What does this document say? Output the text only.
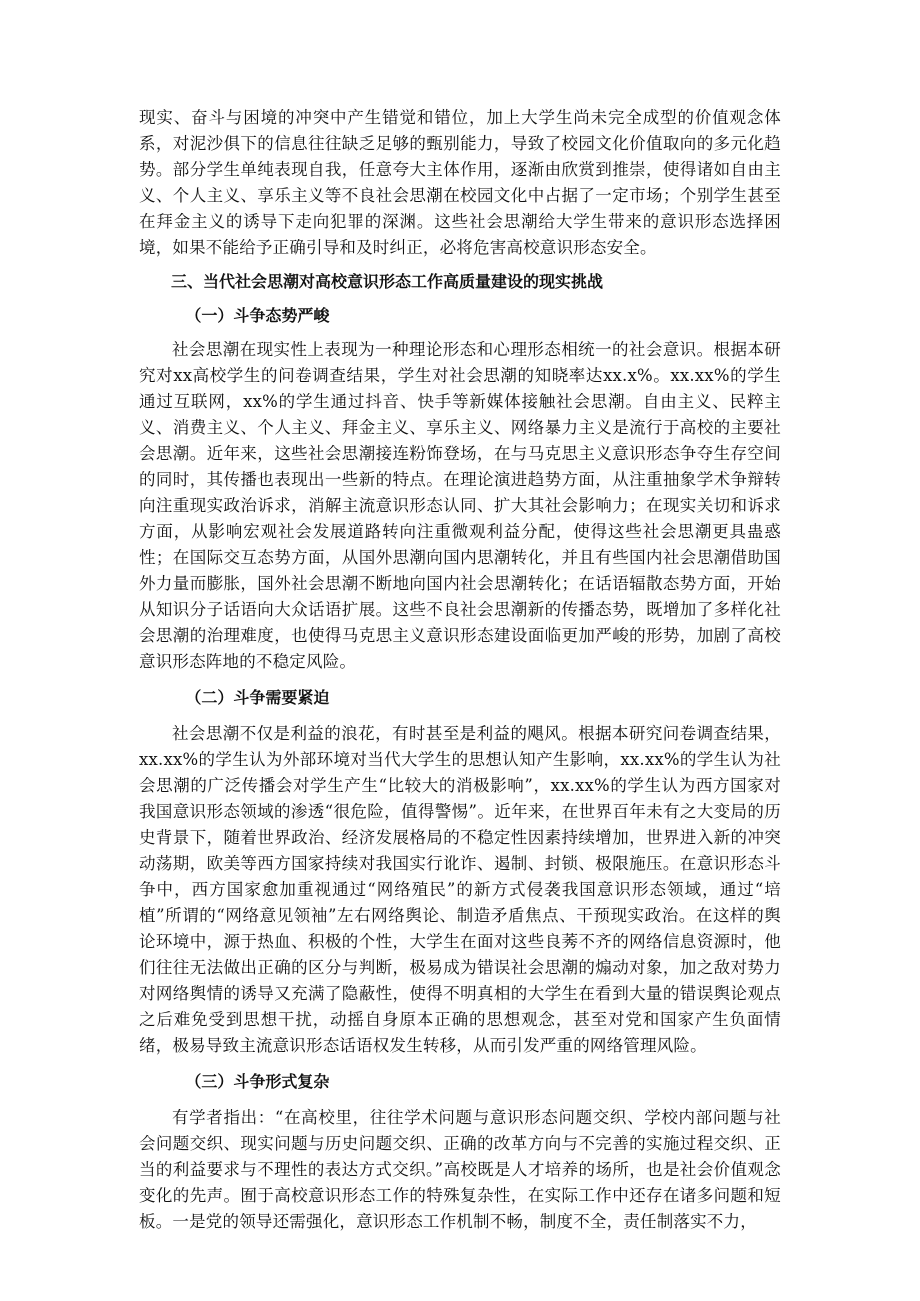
现实、奋斗与困境的冲突中产生错觉和错位，加上大学生尚未完全成型的价值观念体系，对泥沙俱下的信息往往缺乏足够的甄别能力，导致了校园文化价值取向的多元化趋势。部分学生单纯表现自我，任意夸大主体作用，逐渐由欣赏到推崇，使得诸如自由主义、个人主义、享乐主义等不良社会思潮在校园文化中占据了一定市场；个别学生甚至在拜金主义的诱导下走向犯罪的深渊。这些社会思潮给大学生带来的意识形态选择困境，如果不能给予正确引导和及时纠正，必将危害高校意识形态安全。

三、当代社会思潮对高校意识形态工作高质量建设的现实挑战
（一）斗争态势严峻

社会思潮在现实性上表现为一种理论形态和心理形态相统一的社会意识。根据本研究对xx高校学生的问卷调查结果，学生对社会思潮的知晓率达xx.x%。xx.xx%的学生通过互联网，xx%的学生通过抖音、快手等新媒体接触社会思潮。自由主义、民粹主义、消费主义、个人主义、拜金主义、享乐主义、网络暴力主义是流行于高校的主要社会思潮。近年来，这些社会思潮接连粉饰登场，在与马克思主义意识形态争夺生存空间的同时，其传播也表现出一些新的特点。在理论演进趋势方面，从注重抽象学术争辩转向注重现实政治诉求，消解主流意识形态认同、扩大其社会影响力；在现实关切和诉求方面，从影响宏观社会发展道路转向注重微观利益分配，使得这些社会思潮更具蛊惑性；在国际交互态势方面，从国外思潮向国内思潮转化，并且有些国内社会思潮借助国外力量而膨胀，国外社会思潮不断地向国内社会思潮转化；在话语辐散态势方面，开始从知识分子话语向大众话语扩展。这些不良社会思潮新的传播态势，既增加了多样化社会思潮的治理难度，也使得马克思主义意识形态建设面临更加严峻的形势，加剧了高校意识形态阵地的不稳定风险。

（二）斗争需要紧迫

社会思潮不仅是利益的浪花，有时甚至是利益的飓风。根据本研究问卷调查结果，xx.xx%的学生认为外部环境对当代大学生的思想认知产生影响，xx.xx%的学生认为社会思潮的广泛传播会对学生产生“比较大的消极影响”，xx.xx%的学生认为西方国家对我国意识形态领域的渗透“很危险，值得警惕”。近年来，在世界百年未有之大变局的历史背景下，随着世界政治、经济发展格局的不稳定性因素持续增加，世界进入新的冲突动荡期，欧美等西方国家持续对我国实行讹诈、遏制、封锁、极限施压。在意识形态斗争中，西方国家愈加重视通过“网络殖民”的新方式侵袭我国意识形态领域，通过“培植”所谓的“网络意见领袖”左右网络舆论、制造矛盾焦点、干预现实政治。在这样的舆论环境中，源于热血、积极的个性，大学生在面对这些良莠不齐的网络信息资源时，他们往往无法做出正确的区分与判断，极易成为错误社会思潮的煽动对象，加之敌对势力对网络舆情的诱导又充满了隐蔽性，使得不明真相的大学生在看到大量的错误舆论观点之后难免受到思想干扰，动摇自身原本正确的思想观念，甚至对党和国家产生负面情绪，极易导致主流意识形态话语权发生转移，从而引发严重的网络管理风险。

（三）斗争形式复杂

有学者指出：“在高校里，往往学术问题与意识形态问题交织、学校内部问题与社会问题交织、现实问题与历史问题交织、正确的改革方向与不完善的实施过程交织、正当的利益要求与不理性的表达方式交织。”高校既是人才培养的场所，也是社会价值观念变化的先声。囿于高校意识形态工作的特殊复杂性，在实际工作中还存在诸多问题和短板。一是党的领导还需强化，意识形态工作机制不畅，制度不全，责任制落实不力，
